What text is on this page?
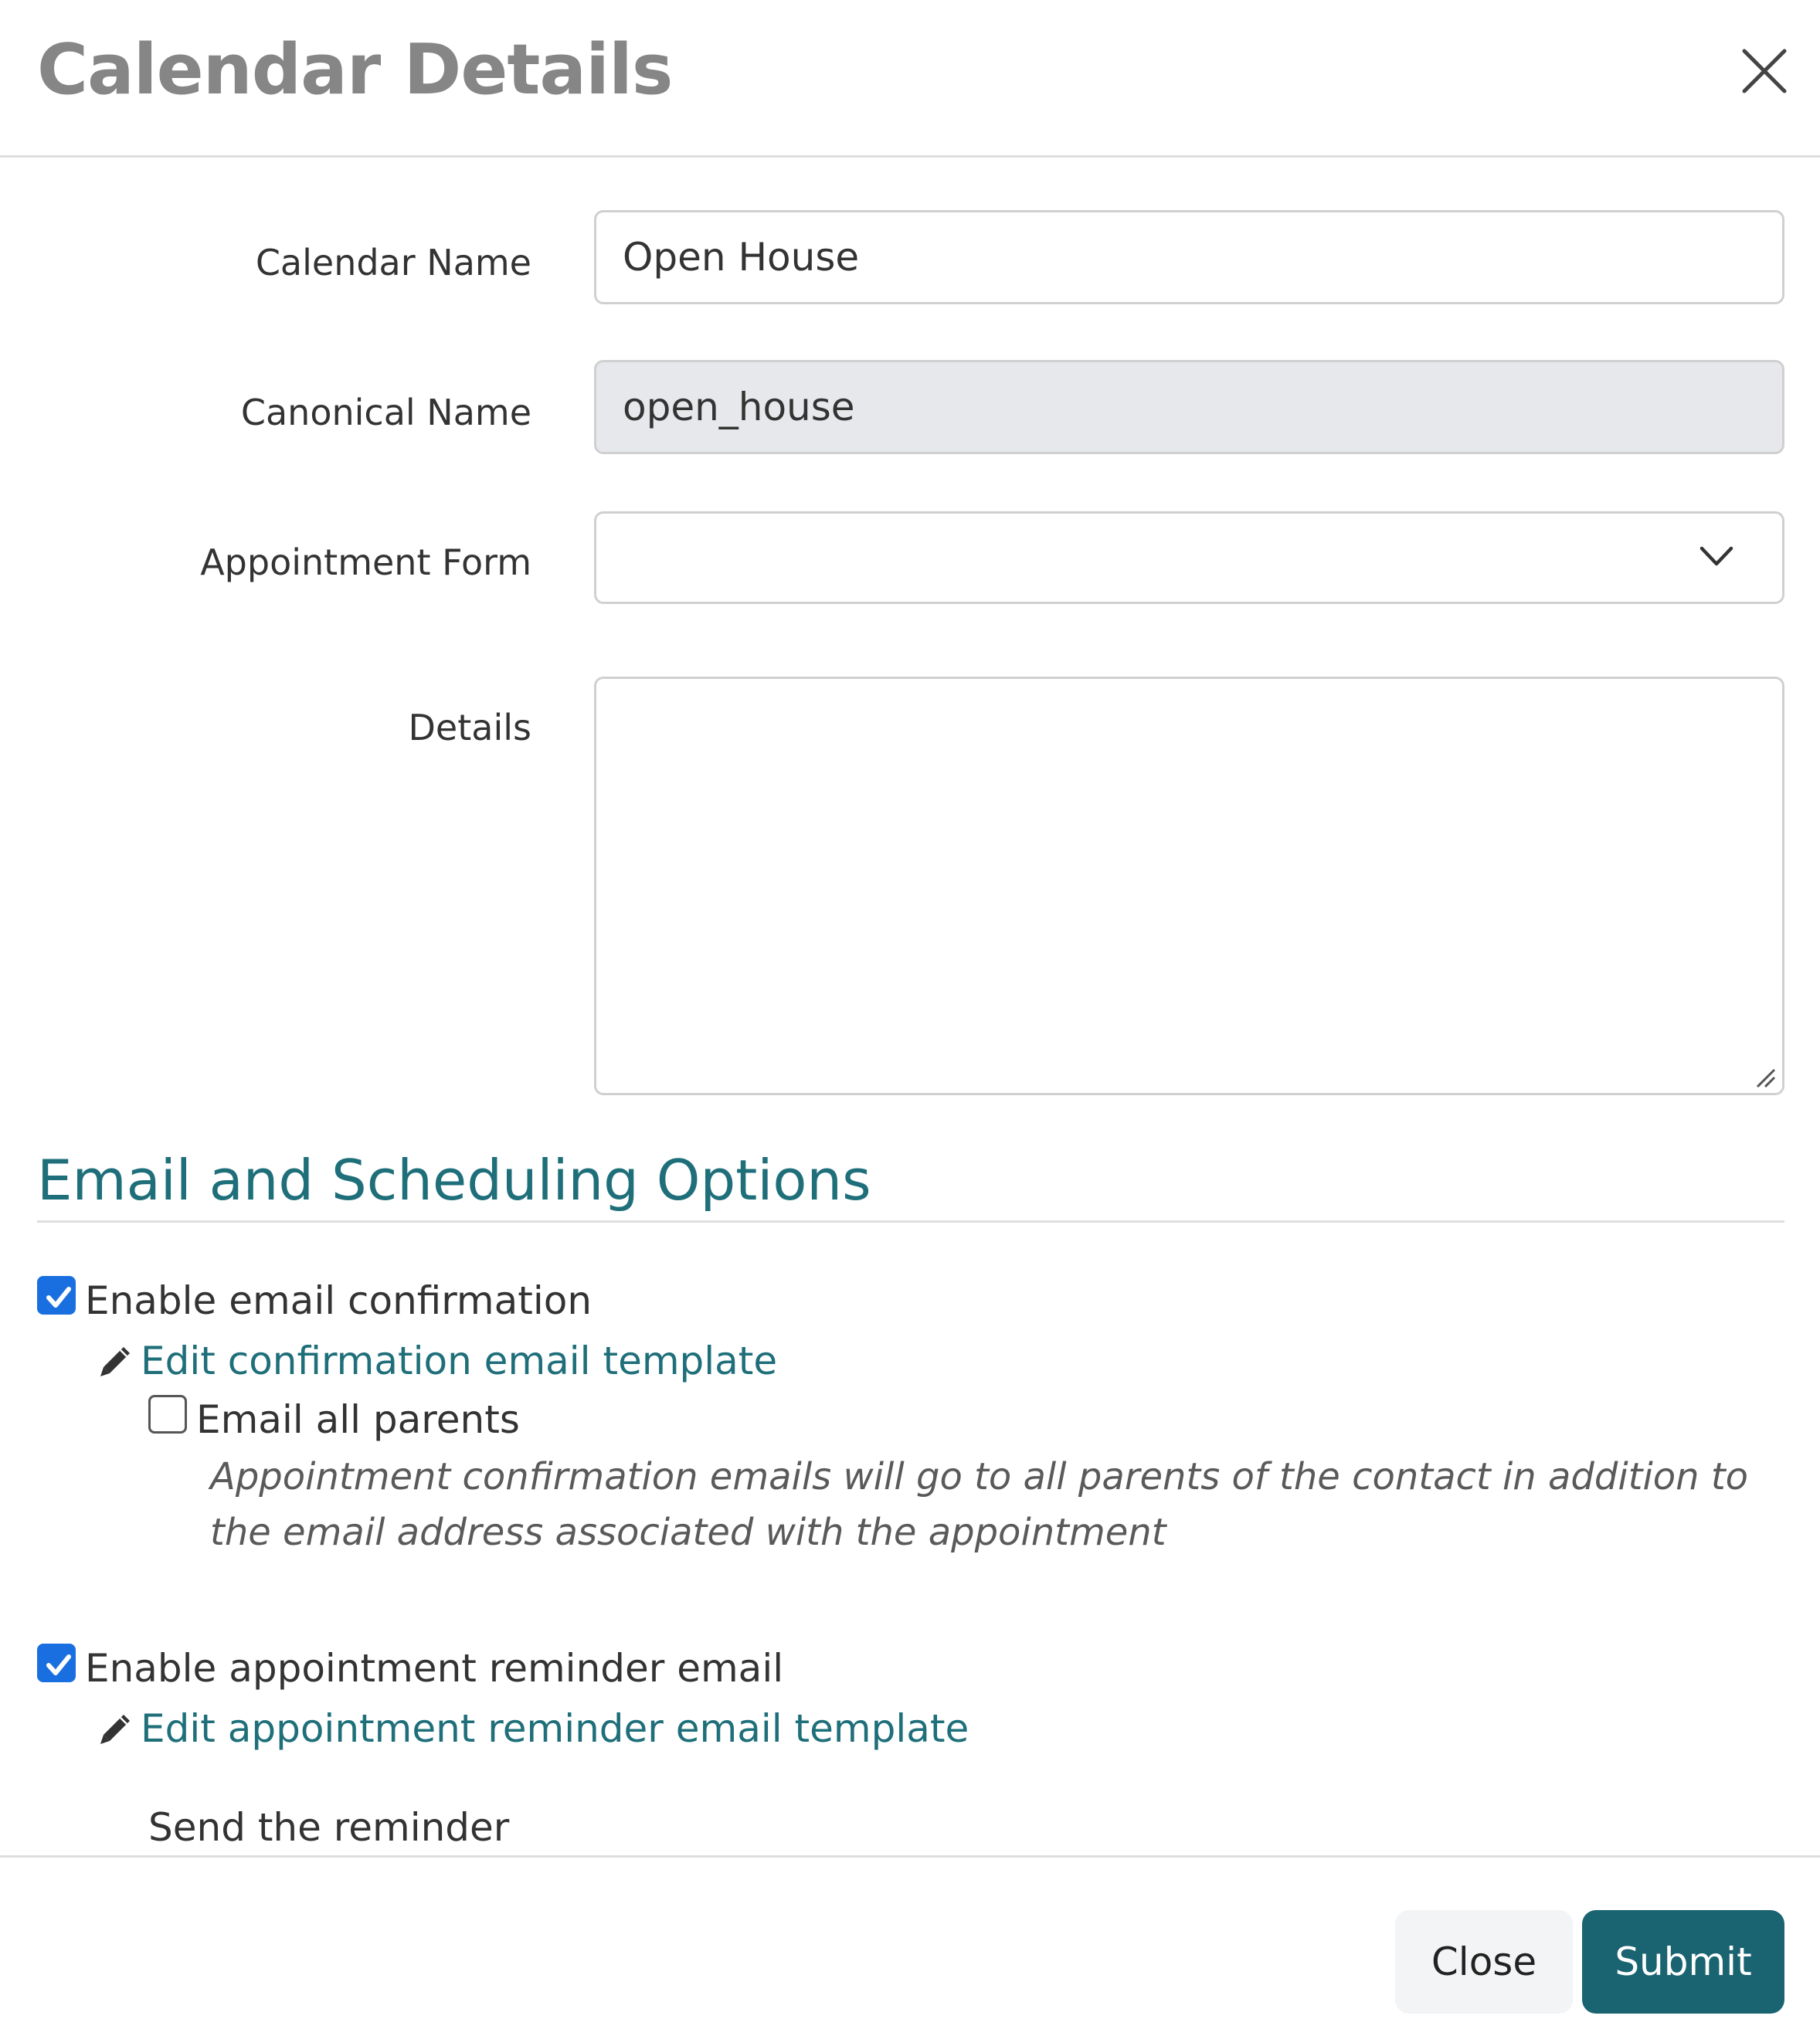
Calendar Details
Calendar Name
Open House
Canonical Name
open_house
Appointment Form
Details
Email and Scheduling Options
Enable email confirmation
Edit confirmation email template
Email all parents
Appointment confirmation emails will go to all parents of the contact in addition to the email address associated with the appointment
Enable appointment reminder email
Edit appointment reminder email template
Send the reminder
Close	Submit
